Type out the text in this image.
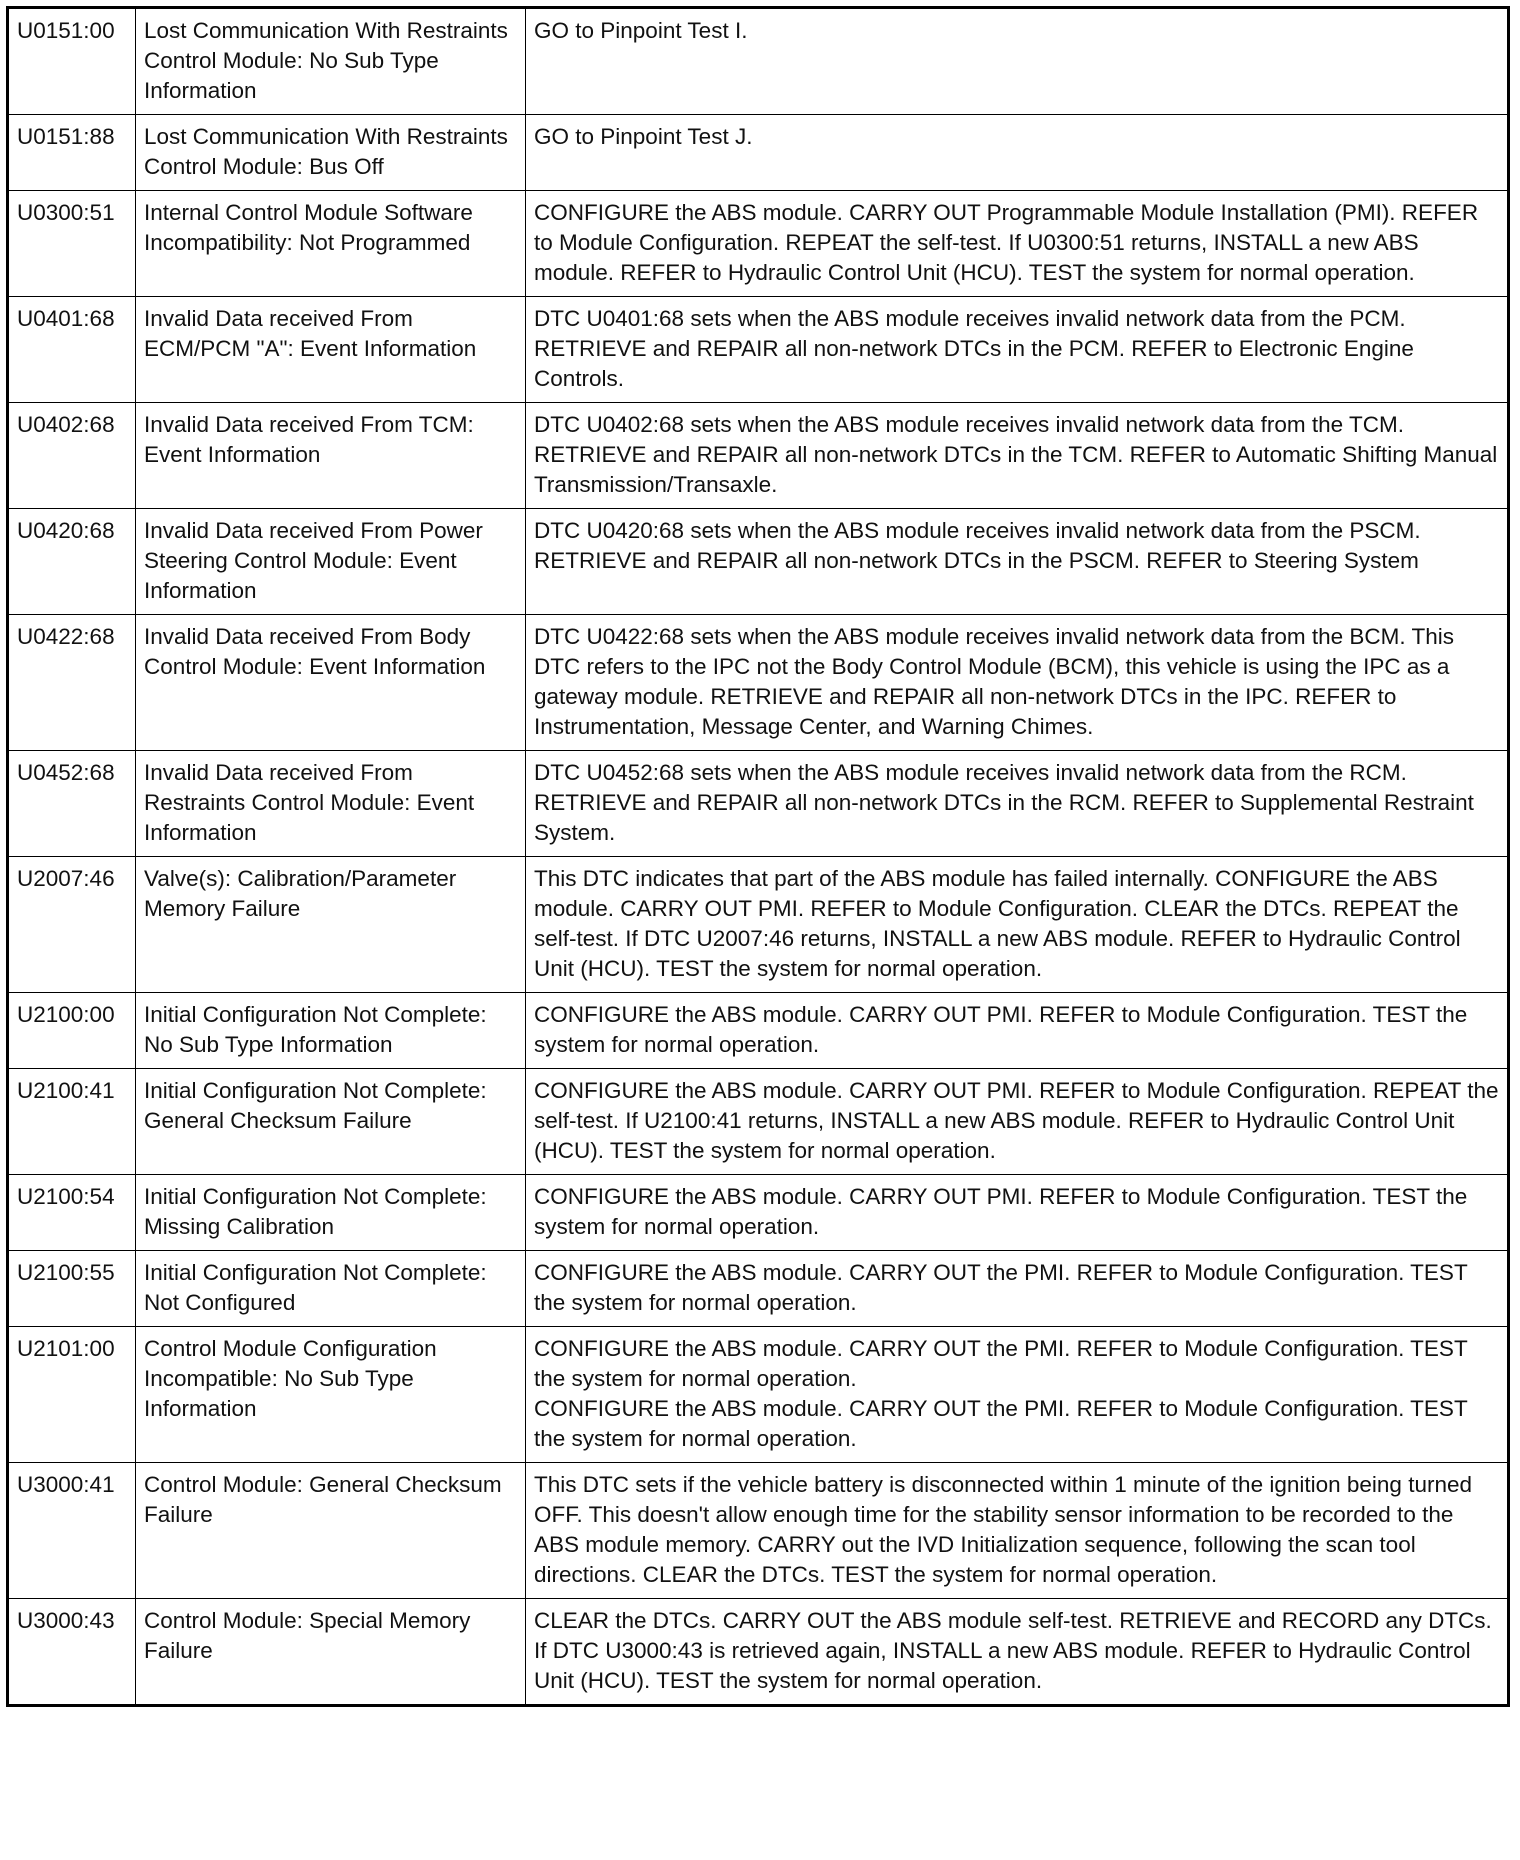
U0151:00	Lost Communication With Restraints Control Module: No Sub Type Information	GO to Pinpoint Test I.

U0151:88	Lost Communication With Restraints Control Module: Bus Off	GO to Pinpoint Test J.

U0300:51	Internal Control Module Software Incompatibility: Not Programmed	CONFIGURE the ABS module. CARRY OUT Programmable Module Installation (PMI). REFER to Module Configuration. REPEAT the self-test. If U0300:51 returns, INSTALL a new ABS module. REFER to Hydraulic Control Unit (HCU). TEST the system for normal operation.

U0401:68	Invalid Data received From ECM/PCM "A": Event Information	DTC U0401:68 sets when the ABS module receives invalid network data from the PCM. RETRIEVE and REPAIR all non-network DTCs in the PCM. REFER to Electronic Engine Controls.

U0402:68	Invalid Data received From TCM: Event Information	DTC U0402:68 sets when the ABS module receives invalid network data from the TCM. RETRIEVE and REPAIR all non-network DTCs in the TCM. REFER to Automatic Shifting Manual Transmission/Transaxle.

U0420:68	Invalid Data received From Power Steering Control Module: Event Information	DTC U0420:68 sets when the ABS module receives invalid network data from the PSCM. RETRIEVE and REPAIR all non-network DTCs in the PSCM. REFER to Steering System

U0422:68	Invalid Data received From Body Control Module: Event Information	DTC U0422:68 sets when the ABS module receives invalid network data from the BCM. This DTC refers to the IPC not the Body Control Module (BCM), this vehicle is using the IPC as a gateway module. RETRIEVE and REPAIR all non-network DTCs in the IPC. REFER to Instrumentation, Message Center, and Warning Chimes.

U0452:68	Invalid Data received From Restraints Control Module: Event Information	DTC U0452:68 sets when the ABS module receives invalid network data from the RCM. RETRIEVE and REPAIR all non-network DTCs in the RCM. REFER to Supplemental Restraint System.

U2007:46	Valve(s): Calibration/Parameter Memory Failure	This DTC indicates that part of the ABS module has failed internally. CONFIGURE the ABS module. CARRY OUT PMI. REFER to Module Configuration. CLEAR the DTCs. REPEAT the self-test. If DTC U2007:46 returns, INSTALL a new ABS module. REFER to Hydraulic Control Unit (HCU). TEST the system for normal operation.

U2100:00	Initial Configuration Not Complete: No Sub Type Information	CONFIGURE the ABS module. CARRY OUT PMI. REFER to Module Configuration. TEST the system for normal operation.

U2100:41	Initial Configuration Not Complete: General Checksum Failure	CONFIGURE the ABS module. CARRY OUT PMI. REFER to Module Configuration. REPEAT the self-test. If U2100:41 returns, INSTALL a new ABS module. REFER to Hydraulic Control Unit (HCU). TEST the system for normal operation.

U2100:54	Initial Configuration Not Complete: Missing Calibration	CONFIGURE the ABS module. CARRY OUT PMI. REFER to Module Configuration. TEST the system for normal operation.

U2100:55	Initial Configuration Not Complete: Not Configured	CONFIGURE the ABS module. CARRY OUT the PMI. REFER to Module Configuration. TEST the system for normal operation.

U2101:00	Control Module Configuration Incompatible: No Sub Type Information	CONFIGURE the ABS module. CARRY OUT the PMI. REFER to Module Configuration. TEST the system for normal operation.
CONFIGURE the ABS module. CARRY OUT the PMI. REFER to Module Configuration. TEST the system for normal operation.

U3000:41	Control Module: General Checksum Failure	This DTC sets if the vehicle battery is disconnected within 1 minute of the ignition being turned OFF. This doesn't allow enough time for the stability sensor information to be recorded to the ABS module memory. CARRY out the IVD Initialization sequence, following the scan tool directions. CLEAR the DTCs. TEST the system for normal operation.

U3000:43	Control Module: Special Memory Failure	CLEAR the DTCs. CARRY OUT the ABS module self-test. RETRIEVE and RECORD any DTCs. If DTC U3000:43 is retrieved again, INSTALL a new ABS module. REFER to Hydraulic Control Unit (HCU). TEST the system for normal operation.
